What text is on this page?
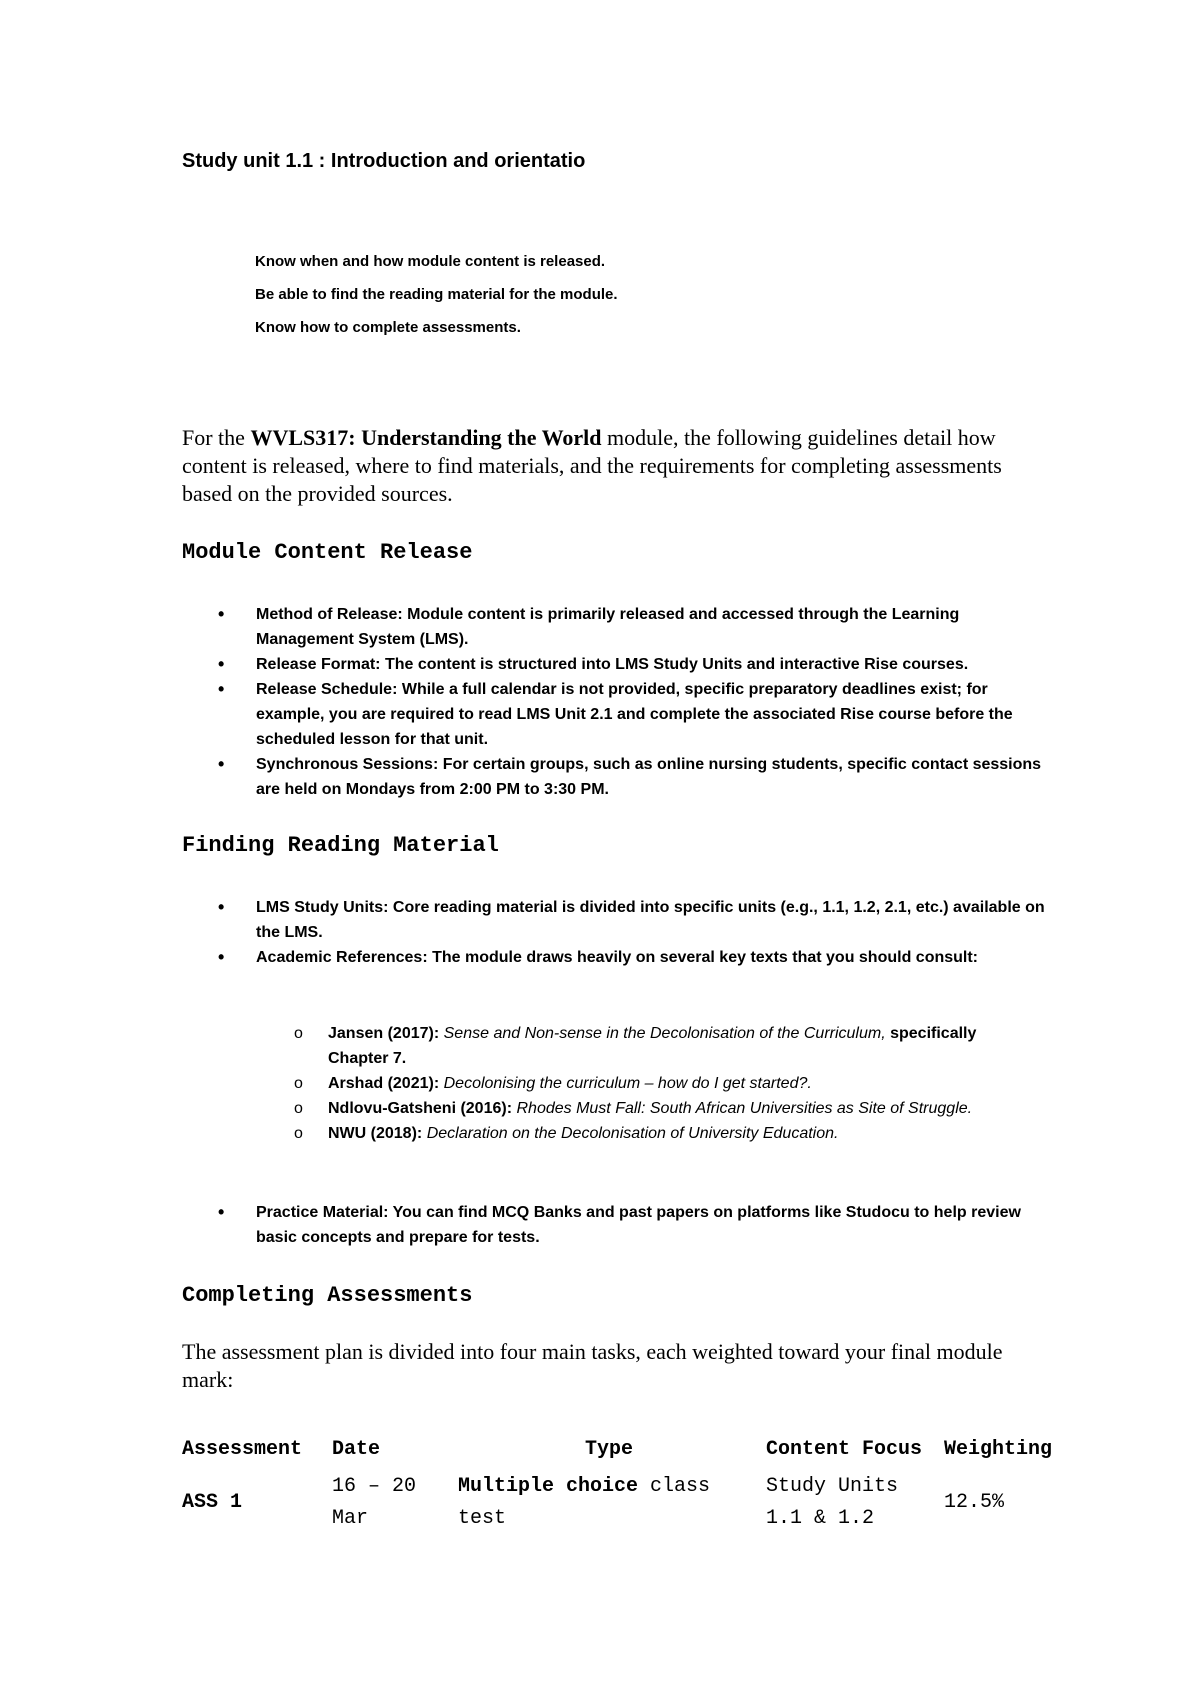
Study unit 1.1 : Introduction and orientatio
Know when and how module content is released.
Be able to find the reading material for the module.
Know how to complete assessments.

For the WVLS317: Understanding the World module, the following guidelines detail how content is released, where to find materials, and the requirements for completing assessments based on the provided sources.

Module Content Release
• Method of Release: Module content is primarily released and accessed through the Learning Management System (LMS).
• Release Format: The content is structured into LMS Study Units and interactive Rise courses.
• Release Schedule: While a full calendar is not provided, specific preparatory deadlines exist; for example, you are required to read LMS Unit 2.1 and complete the associated Rise course before the scheduled lesson for that unit.
• Synchronous Sessions: For certain groups, such as online nursing students, specific contact sessions are held on Mondays from 2:00 PM to 3:30 PM.
Finding Reading Material
• LMS Study Units: Core reading material is divided into specific units (e.g., 1.1, 1.2, 2.1, etc.) available on the LMS.
• Academic References: The module draws heavily on several key texts that you should consult:
o Jansen (2017): Sense and Non-sense in the Decolonisation of the Curriculum, specifically Chapter 7.
o Arshad (2021): Decolonising the curriculum – how do I get started?.
o Ndlovu-Gatsheni (2016): Rhodes Must Fall: South African Universities as Site of Struggle.
o NWU (2018): Declaration on the Decolonisation of University Education.
• Practice Material: You can find MCQ Banks and past papers on platforms like Studocu to help review basic concepts and prepare for tests.
Completing Assessments

The assessment plan is divided into four main tasks, each weighted toward your final module mark:

Assessment	Date	Type	Content Focus	Weighting
ASS 1	16 – 20 Mar	Multiple choice class test	Study Units 1.1 & 1.2	12.5%
